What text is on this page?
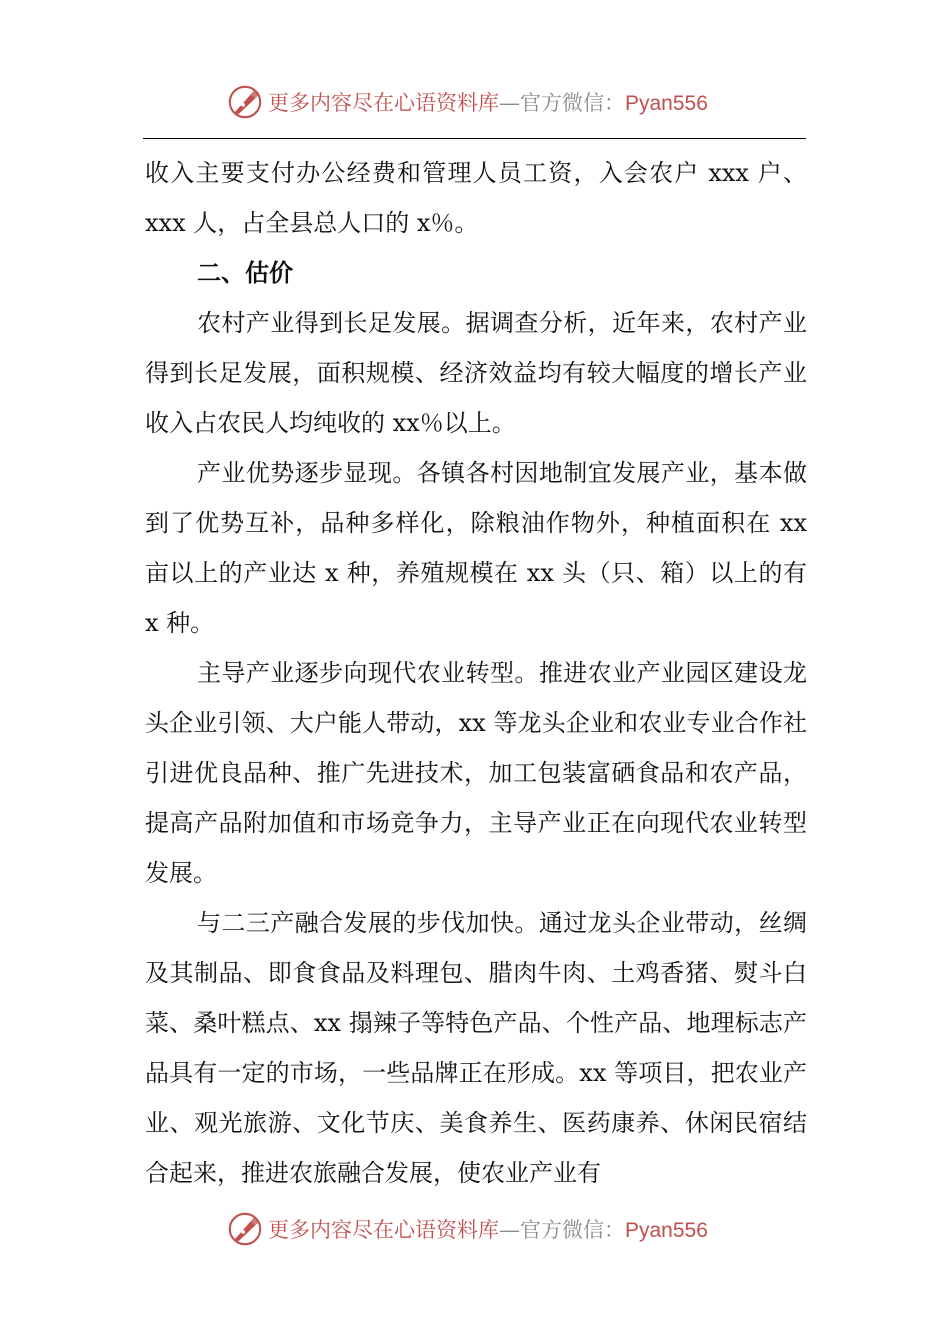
更多内容尽在心语资料库—官方微信：Pyan556

收入主要支付办公经费和管理人员工资，入会农户 xxx 户、xxx 人，占全县总人口的 x％。

二、估价

农村产业得到长足发展。据调查分析，近年来，农村产业得到长足发展，面积规模、经济效益均有较大幅度的增长产业收入占农民人均纯收的 xx％以上。

产业优势逐步显现。各镇各村因地制宜发展产业，基本做到了优势互补，品种多样化，除粮油作物外，种植面积在 xx 亩以上的产业达 x 种，养殖规模在 xx 头（只、箱）以上的有 x 种。

主导产业逐步向现代农业转型。推进农业产业园区建设龙头企业引领、大户能人带动，xx 等龙头企业和农业专业合作社引进优良品种、推广先进技术，加工包装富硒食品和农产品，提高产品附加值和市场竞争力，主导产业正在向现代农业转型发展。

与二三产融合发展的步伐加快。通过龙头企业带动，丝绸及其制品、即食食品及料理包、腊肉牛肉、土鸡香猪、熨斗白菜、桑叶糕点、xx 搨辣子等特色产品、个性产品、地理标志产品具有一定的市场，一些品牌正在形成。xx 等项目，把农业产业、观光旅游、文化节庆、美食养生、医药康养、休闲民宿结合起来，推进农旅融合发展，使农业产业有

更多内容尽在心语资料库—官方微信：Pyan556
